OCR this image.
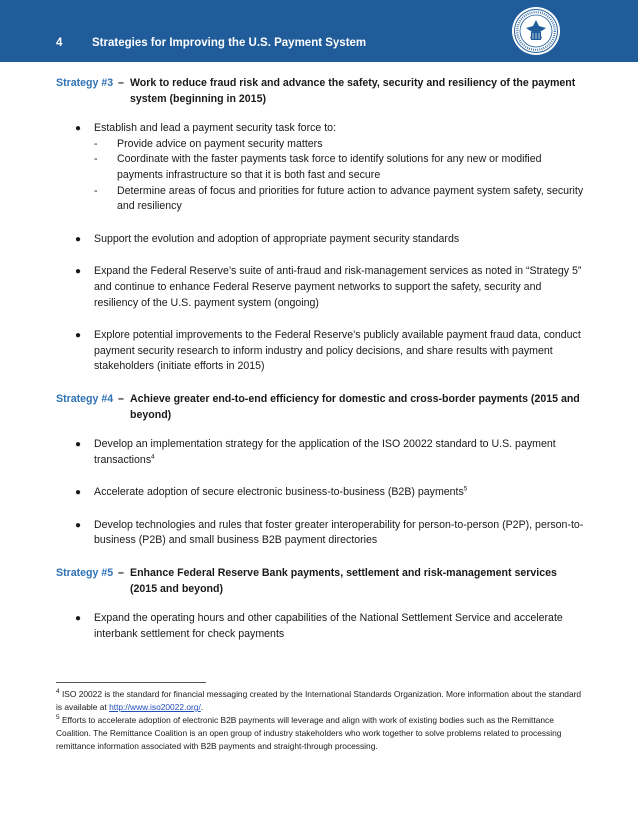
4	Strategies for Improving the U.S. Payment System
Strategy #3 – Work to reduce fraud risk and advance the safety, security and resiliency of the payment system (beginning in 2015)
● Establish and lead a payment security task force to:
- Provide advice on payment security matters
- Coordinate with the faster payments task force to identify solutions for any new or modified payments infrastructure so that it is both fast and secure
- Determine areas of focus and priorities for future action to advance payment system safety, security and resiliency
● Support the evolution and adoption of appropriate payment security standards
● Expand the Federal Reserve’s suite of anti-fraud and risk-management services as noted in “Strategy 5” and continue to enhance Federal Reserve payment networks to support the safety, security and resiliency of the U.S. payment system (ongoing)
● Explore potential improvements to the Federal Reserve’s publicly available payment fraud data, conduct payment security research to inform industry and policy decisions, and share results with payment stakeholders (initiate efforts in 2015)
Strategy #4 – Achieve greater end-to-end efficiency for domestic and cross-border payments (2015 and beyond)
● Develop an implementation strategy for the application of the ISO 20022 standard to U.S. payment transactions$^4$
● Accelerate adoption of secure electronic business-to-business (B2B) payments$^5$
● Develop technologies and rules that foster greater interoperability for person-to-person (P2P), person-to-business (P2B) and small business B2B payment directories
Strategy #5 – Enhance Federal Reserve Bank payments, settlement and risk-management services (2015 and beyond)
● Expand the operating hours and other capabilities of the National Settlement Service and accelerate interbank settlement for check payments

$^4$ ISO 20022 is the standard for financial messaging created by the International Standards Organization. More information about the standard is available at http://www.iso20022.org/.

$^5$ Efforts to accelerate adoption of electronic B2B payments will leverage and align with work of existing bodies such as the Remittance Coalition. The Remittance Coalition is an open group of industry stakeholders who work together to solve problems related to processing remittance information associated with B2B payments and straight-through processing.
